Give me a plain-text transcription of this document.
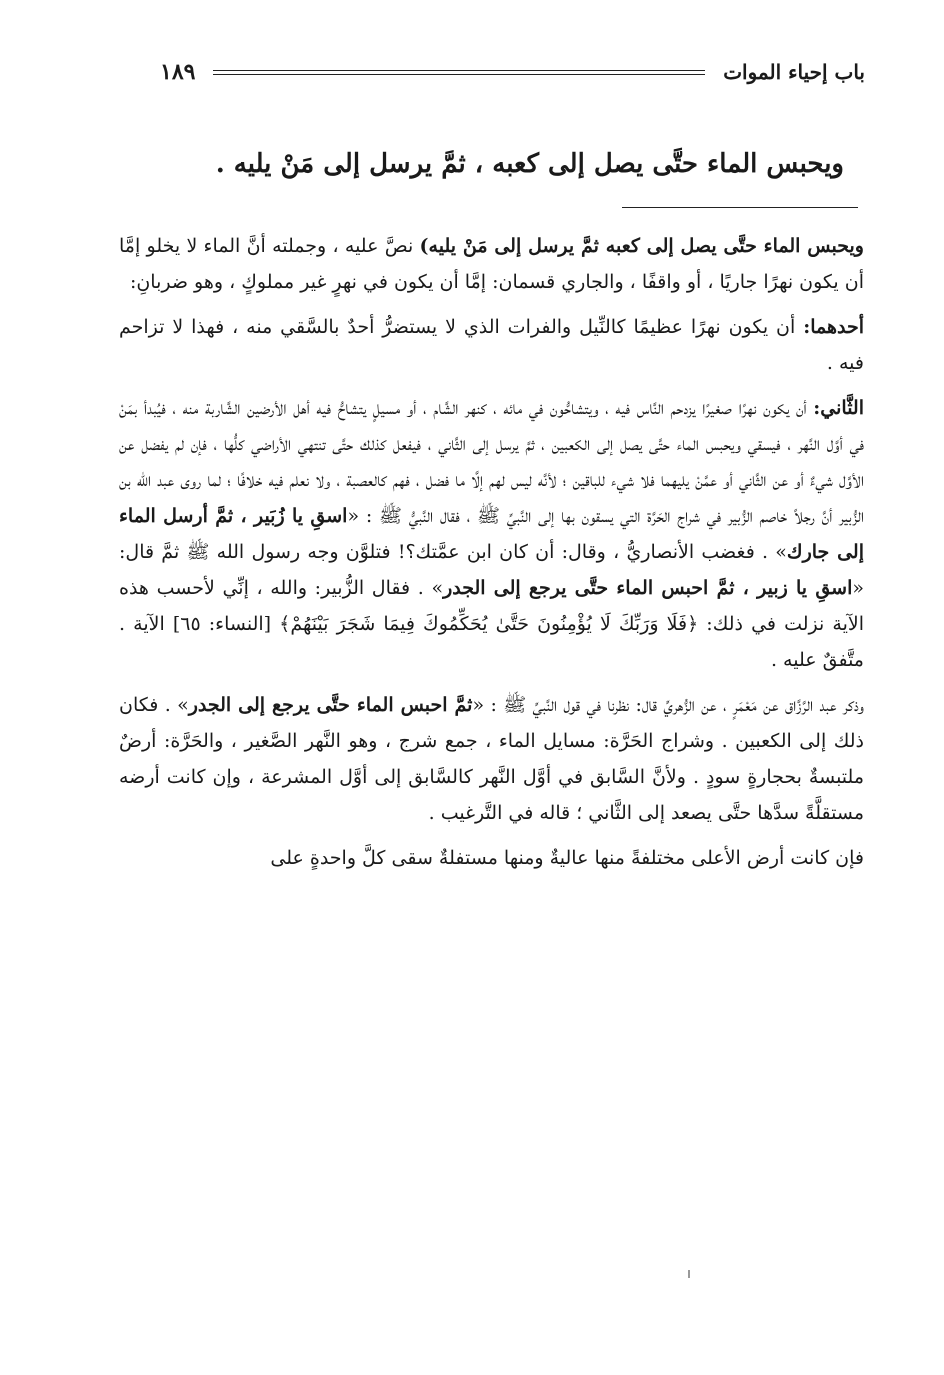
باب إحياء الموات
١٨٩
ويحبس الماء حتَّى يصل إلى كعبه ، ثمَّ يرسل إلى مَنْ يليه .

ويحبس الماء حتَّى يصل إلى كعبه ثمَّ يرسل إلى مَنْ يليه) نصَّ عليه ، وجملته أنَّ الماء لا يخلو إمَّا أن يكون نهرًا جاريًا ، أو واقفًا ، والجاري قسمان: إمَّا أن يكون في نهرٍ غير مملوكٍ ، وهو ضربانِ:

أحدهما: أن يكون نهرًا عظيمًا كالنِّيل والفرات الذي لا يستضرُّ أحدٌ بالسَّقي منه ، فهذا لا تزاحم فيه .

الثَّاني: أن يكون نهرًا صغيرًا يزدحم النَّاس فيه ، ويتشاحُّون في مائه ، كنهر الشَّام ، أو مسيلٍ يتشاحُّ فيه أهل الأرضين الشَّاربة منه ، فيُبدأ بمَنْ في أوَّل النَّهر ، فيسقي ويحبس الماء حتَّى يصل إلى الكعبين ، ثمَّ يرسل إلى الثَّاني ، فيفعل كذلك حتَّى تنتهي الأراضي كلُّها ، فإن لم يفضل عن الأوَّل شيءٌ أو عن الثَّاني أو عمَّنْ يليهما فلا شيء للباقين ؛ لأنَّه ليس لهم إلَّا ما فضل ، فهم كالعصبة ، ولا نعلم فيه خلافًا ؛ لما روى عبد الله بن الزُّبير أنَّ رجلاً خاصم الزُّبير في شراج الحَرَّة التي يسقون بها إلى النَّبيِّ ﷺ ، فقال النَّبيُّ ﷺ : «اسقِ يا زُبَير ، ثمَّ أرسل الماء إلى جارك» . فغضب الأنصاريُّ ، وقال: أن كان ابن عمَّتك؟! فتلوَّن وجه رسول الله ﷺ ثمَّ قال: «اسقِ يا زبير ، ثمَّ احبس الماء حتَّى يرجع إلى الجدر» . فقال الزُّبير: والله ، إنِّي لأحسب هذه الآية نزلت في ذلك: ﴿فَلَا وَرَبِّكَ لَا يُؤْمِنُونَ حَتَّىٰ يُحَكِّمُوكَ فِيمَا شَجَرَ بَيْنَهُمْ﴾ [النساء: ٦٥] الآية . متَّفقٌ عليه .

وذكر عبد الرَّزَّاق عن مَعْمَرٍ ، عن الزُّهريِّ قال: نظرنا في قول النَّبيِّ ﷺ : «ثمَّ احبس الماء حتَّى يرجع إلى الجدر» . فكان ذلك إلى الكعبين . وشراج الحَرَّة: مسايل الماء ، جمع شرج ، وهو النَّهر الصَّغير ، والحَرَّة: أرضٌ ملتبسةٌ بحجارةٍ سودٍ . ولأنَّ السَّابق في أوَّل النَّهر كالسَّابق إلى أوَّل المشرعة ، وإن كانت أرضه مستقلَّةً سدَّها حتَّى يصعد إلى الثَّاني ؛ قاله في التَّرغيب .

فإن كانت أرض الأعلى مختلفةً منها عاليةٌ ومنها مستفلةٌ سقى كلَّ واحدةٍ على
